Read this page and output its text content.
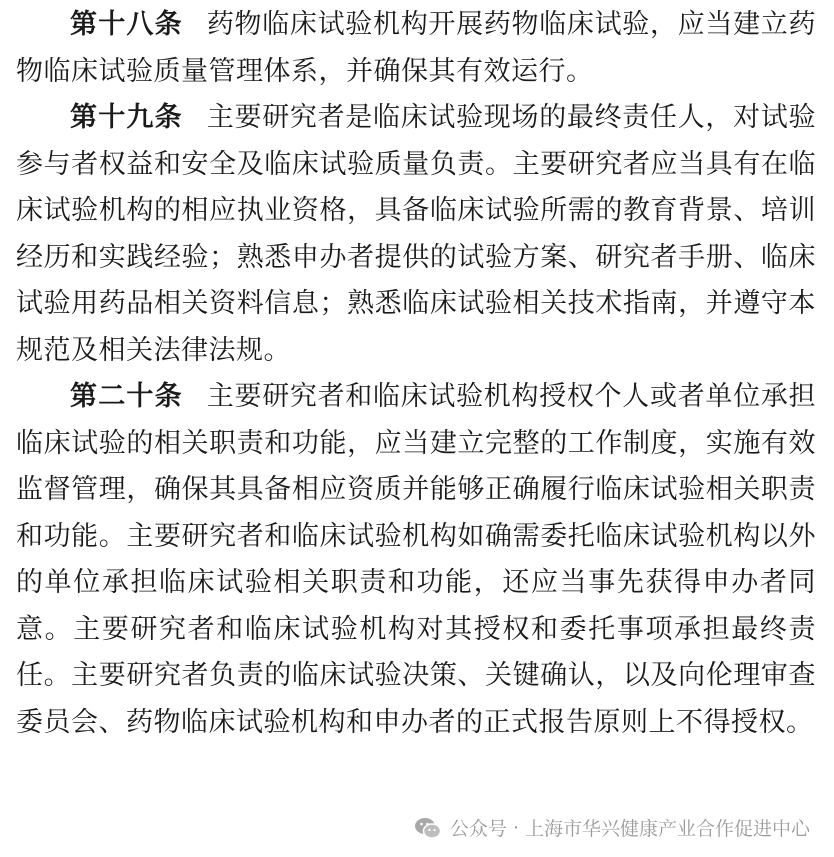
第十八条 药物临床试验机构开展药物临床试验，应当建立药物临床试验质量管理体系，并确保其有效运行。

第十九条 主要研究者是临床试验现场的最终责任人，对试验参与者权益和安全及临床试验质量负责。主要研究者应当具有在临床试验机构的相应执业资格，具备临床试验所需的教育背景、培训经历和实践经验；熟悉申办者提供的试验方案、研究者手册、临床试验用药品相关资料信息；熟悉临床试验相关技术指南，并遵守本规范及相关法律法规。

第二十条 主要研究者和临床试验机构授权个人或者单位承担临床试验的相关职责和功能，应当建立完整的工作制度，实施有效监督管理，确保其具备相应资质并能够正确履行临床试验相关职责和功能。主要研究者和临床试验机构如确需委托临床试验机构以外的单位承担临床试验相关职责和功能，还应当事先获得申办者同意。主要研究者和临床试验机构对其授权和委托事项承担最终责任。主要研究者负责的临床试验决策、关键确认，以及向伦理审查委员会、药物临床试验机构和申办者的正式报告原则上不得授权。

公众号 · 上海市华兴健康产业合作促进中心
